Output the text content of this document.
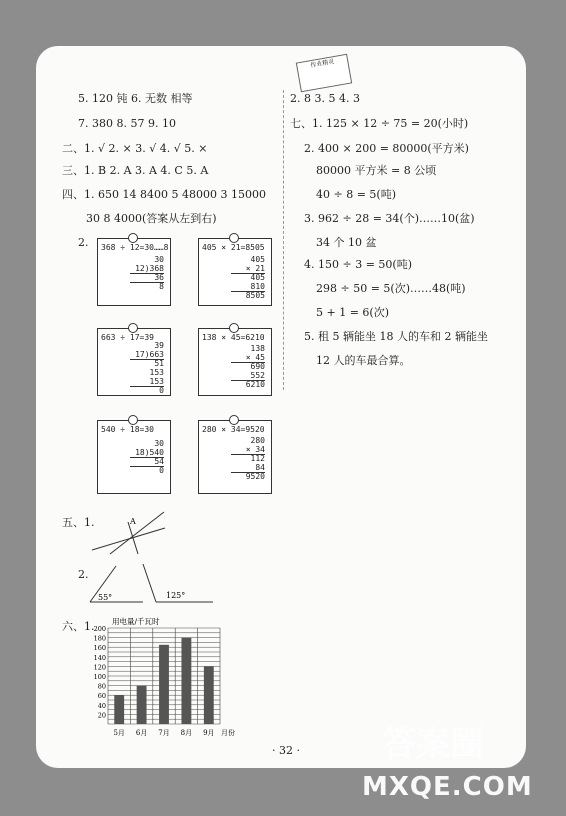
作业精灵
5. 120 钝 6. 无数 相等
7. 380 8. 57 9. 10
二、1. √ 2. × 3. √ 4. √ 5. ×
三、1. B 2. A 3. A 4. C 5. A
四、1. 650 14 8400 5 48000 3 15000
30 8 4000(答案从左到右)
2. 368 ÷ 12=30……8
30
12)368
36
8
405 × 21=8505
405
× 21
405
810
8505
663 ÷ 17=39
39
17)663
51
153
153
0
138 × 45=6210
138
× 45
690
552
6210
540 ÷ 18=30
30
18)540
54
0
280 × 34=9520
280
× 34
112
84
9520
五、1.	A
2.
55°	125°
六、1.
20
40
60
80
100
120
140
160
180
200
5月 6月 7月 8月 9月
用电量/千瓦时
月份
2. 8 3. 5 4. 3
七、1. 125 × 12 ÷ 75 = 20(小时)
2. 400 × 200 = 80000(平方米)
80000 平方米 = 8 公顷
40 ÷ 8 = 5(吨)
3. 962 ÷ 28 = 34(个)……10(盆)
34 个 10 盆
4. 150 ÷ 3 = 50(吨)
298 ÷ 50 = 5(次)……48(吨)
5 + 1 = 6(次)
5. 租 5 辆能坐 18 人的车和 2 辆能坐
12 人的车最合算。
· 32 · 答案圈
MXQE.COM
